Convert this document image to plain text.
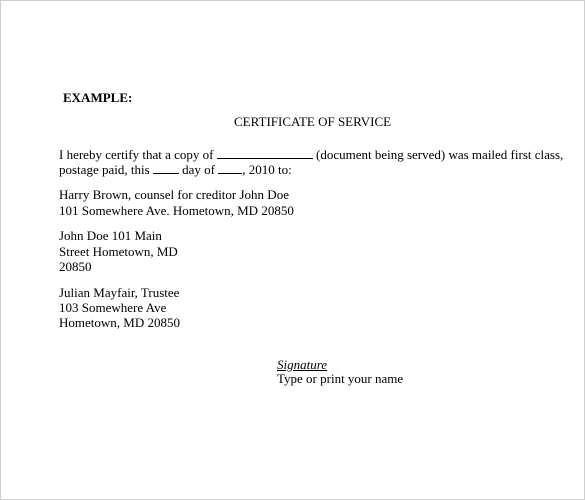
EXAMPLE:
CERTIFICATE OF SERVICE
I hereby certify that a copy of	(document being served) was mailed first class,
postage paid, this	day of , 2010 to:
Harry Brown, counsel for creditor John Doe
101 Somewhere Ave. Hometown, MD 20850
John Doe 101 Main
Street Hometown, MD
20850
Julian Mayfair, Trustee
103 Somewhere Ave
Hometown, MD 20850
Signature
Type or print your name
